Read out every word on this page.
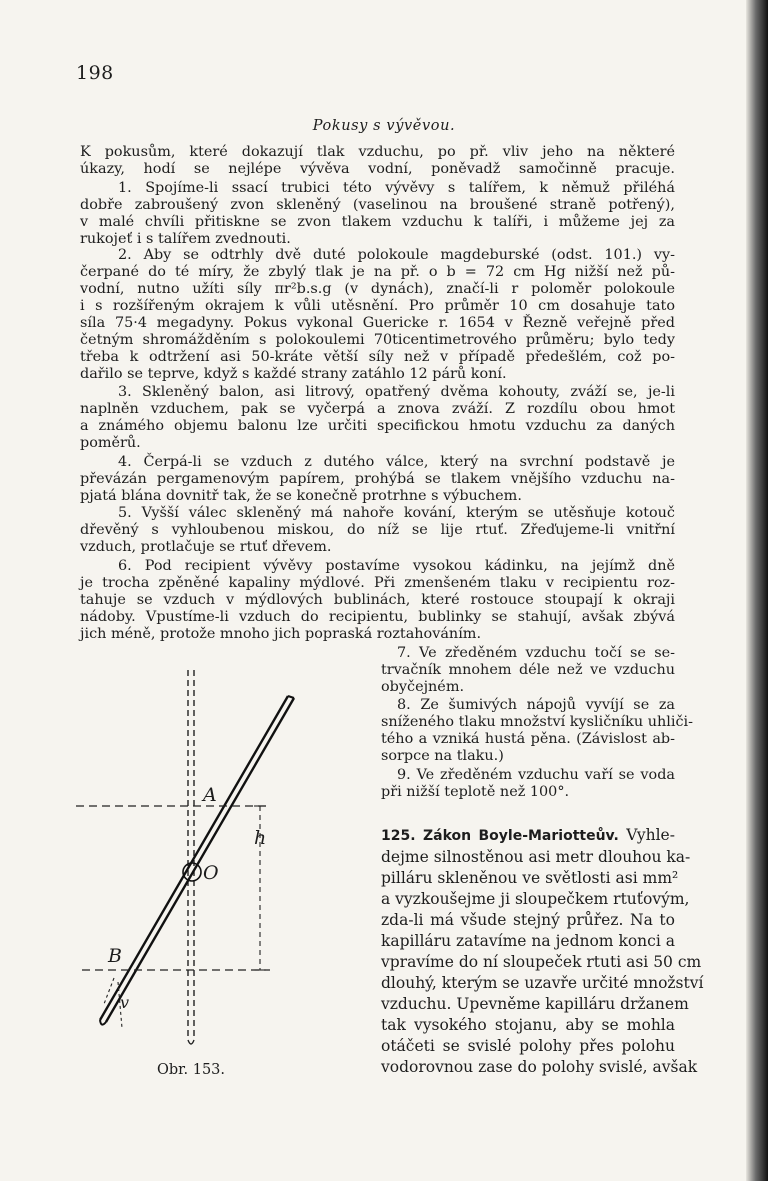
198
Pokusy s vývěvou.
K pokusům, které dokazují tlak vzduchu, po př. vliv jeho na některé
úkazy, hodí se nejlépe vývěva vodní, poněvadž samočinně pracuje.
1. Spojíme-li ssací trubici této vývěvy s talířem, k němuž přiléhá
dobře zabroušený zvon skleněný (vaselinou na broušené straně potřený),
v malé chvíli přitiskne se zvon tlakem vzduchu k talíři, i můžeme jej za
rukojeť i s talířem zvednouti.
2. Aby se odtrhly dvě duté polokoule magdeburské (odst. 101.) vy-
čerpané do té míry, že zbylý tlak je na př. o b = 72 cm Hg nižší než pů-
vodní, nutno užíti síly πr²b.s.g (v dynách), značí-li r poloměr polokoule
i s rozšířeným okrajem k vůli utěsnění. Pro průměr 10 cm dosahuje tato
síla 75·4 megadyny. Pokus vykonal Guericke r. 1654 v Řezně veřejně před
četným shromážděním s polokoulemi 70ticentimetrového průměru; bylo tedy
třeba k odtržení asi 50-kráte větší síly než v případě předešlém, což po-
dařilo se teprve, když s každé strany zatáhlo 12 párů koní.
3. Skleněný balon, asi litrový, opatřený dvěma kohouty, zváží se, je-li
naplněn vzduchem, pak se vyčerpá a znova zváží. Z rozdílu obou hmot
a známého objemu balonu lze určiti specifickou hmotu vzduchu za daných
poměrů.
4. Čerpá-li se vzduch z dutého válce, který na svrchní podstavě je
převázán pergamenovým papírem, prohýbá se tlakem vnějšího vzduchu na-
pjatá blána dovnitř tak, že se konečně protrhne s výbuchem.
5. Vyšší válec skleněný má nahoře kování, kterým se utěsňuje kotouč
dřevěný s vyhloubenou miskou, do níž se lije rtuť. Zřeďujeme-li vnitřní
vzduch, protlačuje se rtuť dřevem.
6. Pod recipient vývěvy postavíme vysokou kádinku, na jejímž dně
je trocha zpěněné kapaliny mýdlové. Při zmenšeném tlaku v recipientu roz-
tahuje se vzduch v mýdlových bublinách, které rostouce stoupají k okraji
nádoby. Vpustíme-li vzduch do recipientu, bublinky se stahují, avšak zbývá
jich méně, protože mnoho jich popraská roztahováním.
7. Ve zředěném vzduchu točí se se-
trvačník mnohem déle než ve vzduchu
obyčejném.
8. Ze šumivých nápojů vyvíjí se za
sníženého tlaku množství kysličníku uhliči-
tého a vzniká hustá pěna. (Závislost ab-
sorpce na tlaku.)
9. Ve zředěném vzduchu vaří se voda
při nižší teplotě než 100°.
125. Zákon Boyle-Mariotteův. Vyhle-
dejme silnostěnou asi metr dlouhou ka-
pilláru skleněnou ve světlosti asi mm²
a vyzkoušejme ji sloupečkem rtuťovým,
zda-li má všude stejný průřez. Na to
kapilláru zatavíme na jednom konci a
vpravíme do ní sloupeček rtuti asi 50 cm
dlouhý, kterým se uzavře určité množství
vzduchu. Upevněme kapilláru držanem
tak vysokého stojanu, aby se mohla
otáčeti se svislé polohy přes polohu
vodorovnou zase do polohy svislé, avšak
A
h
O
B
v
Obr. 153.
